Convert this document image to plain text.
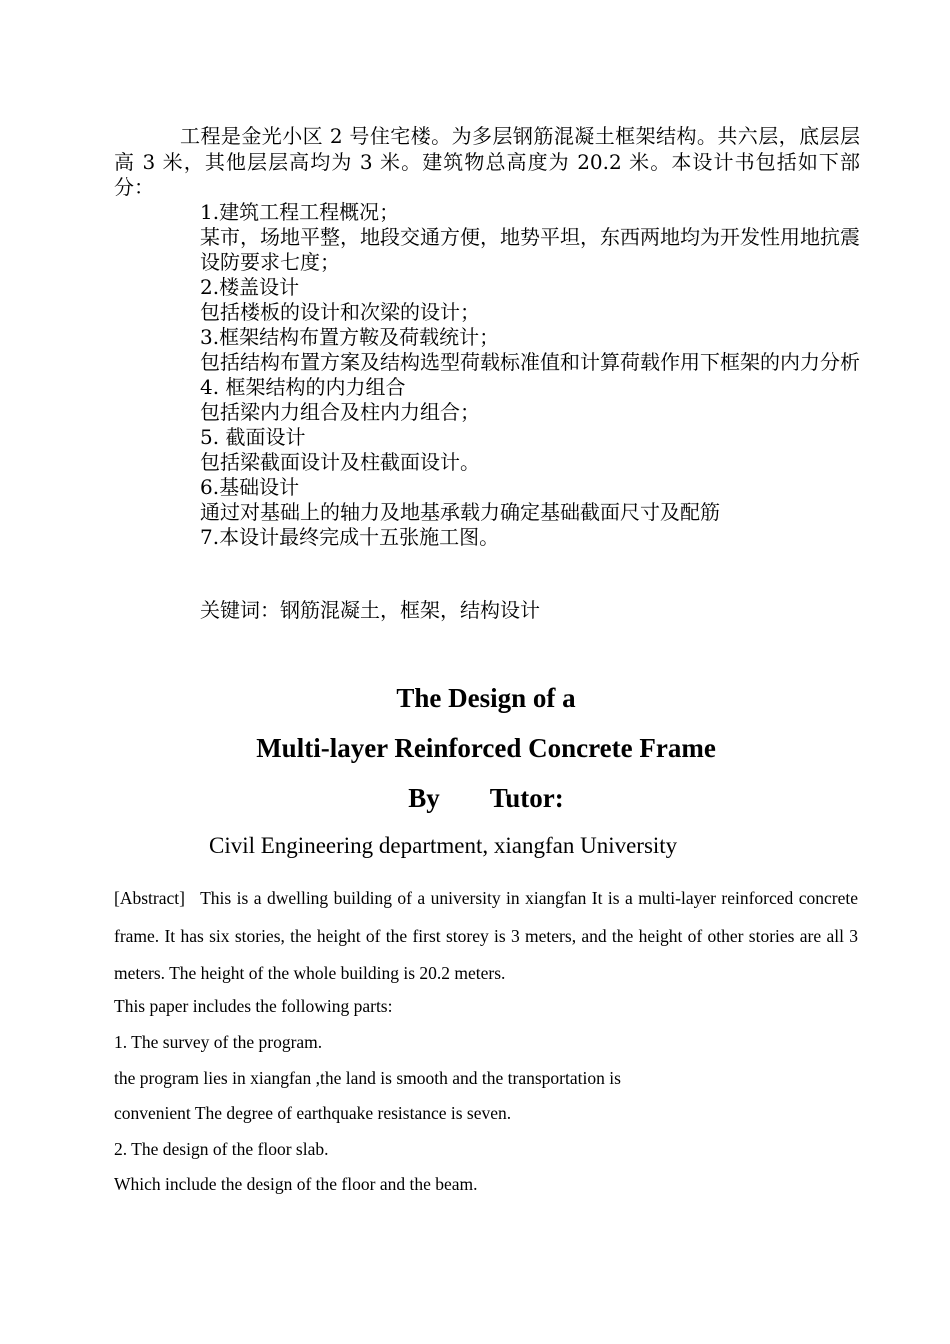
工程是金光小区 2 号住宅楼。为多层钢筋混凝土框架结构。共六层，底层层高 3 米，其他层层高均为 3 米。建筑物总高度为 20.2 米。本设计书包括如下部分：
1.建筑工程工程概况；
某市，场地平整，地段交通方便，地势平坦，东西两地均为开发性用地抗震设防要求七度；
2.楼盖设计
包括楼板的设计和次梁的设计；
3.框架结构布置方鞍及荷载统计；
包括结构布置方案及结构选型荷载标准值和计算荷载作用下框架的内力分析
4. 框架结构的内力组合
包括梁内力组合及柱内力组合；
5. 截面设计
包括梁截面设计及柱截面设计。
6.基础设计
通过对基础上的轴力及地基承载力确定基础截面尺寸及配筋
7.本设计最终完成十五张施工图。
关键词：钢筋混凝土，框架，结构设计
The Design of a
Multi-layer Reinforced Concrete Frame
By Tutor:
Civil Engineering department, xiangfan University
[Abstract] This is a dwelling building of a university in xiangfan It is a multi-layer reinforced concrete frame. It has six stories, the height of the first storey is 3 meters, and the height of other stories are all 3 meters. The height of the whole building is 20.2 meters.
This paper includes the following parts:
1. The survey of the program.
the program lies in xiangfan ,the land is smooth and the transportation is
convenient The degree of earthquake resistance is seven.
2. The design of the floor slab.
Which include the design of the floor and the beam.
